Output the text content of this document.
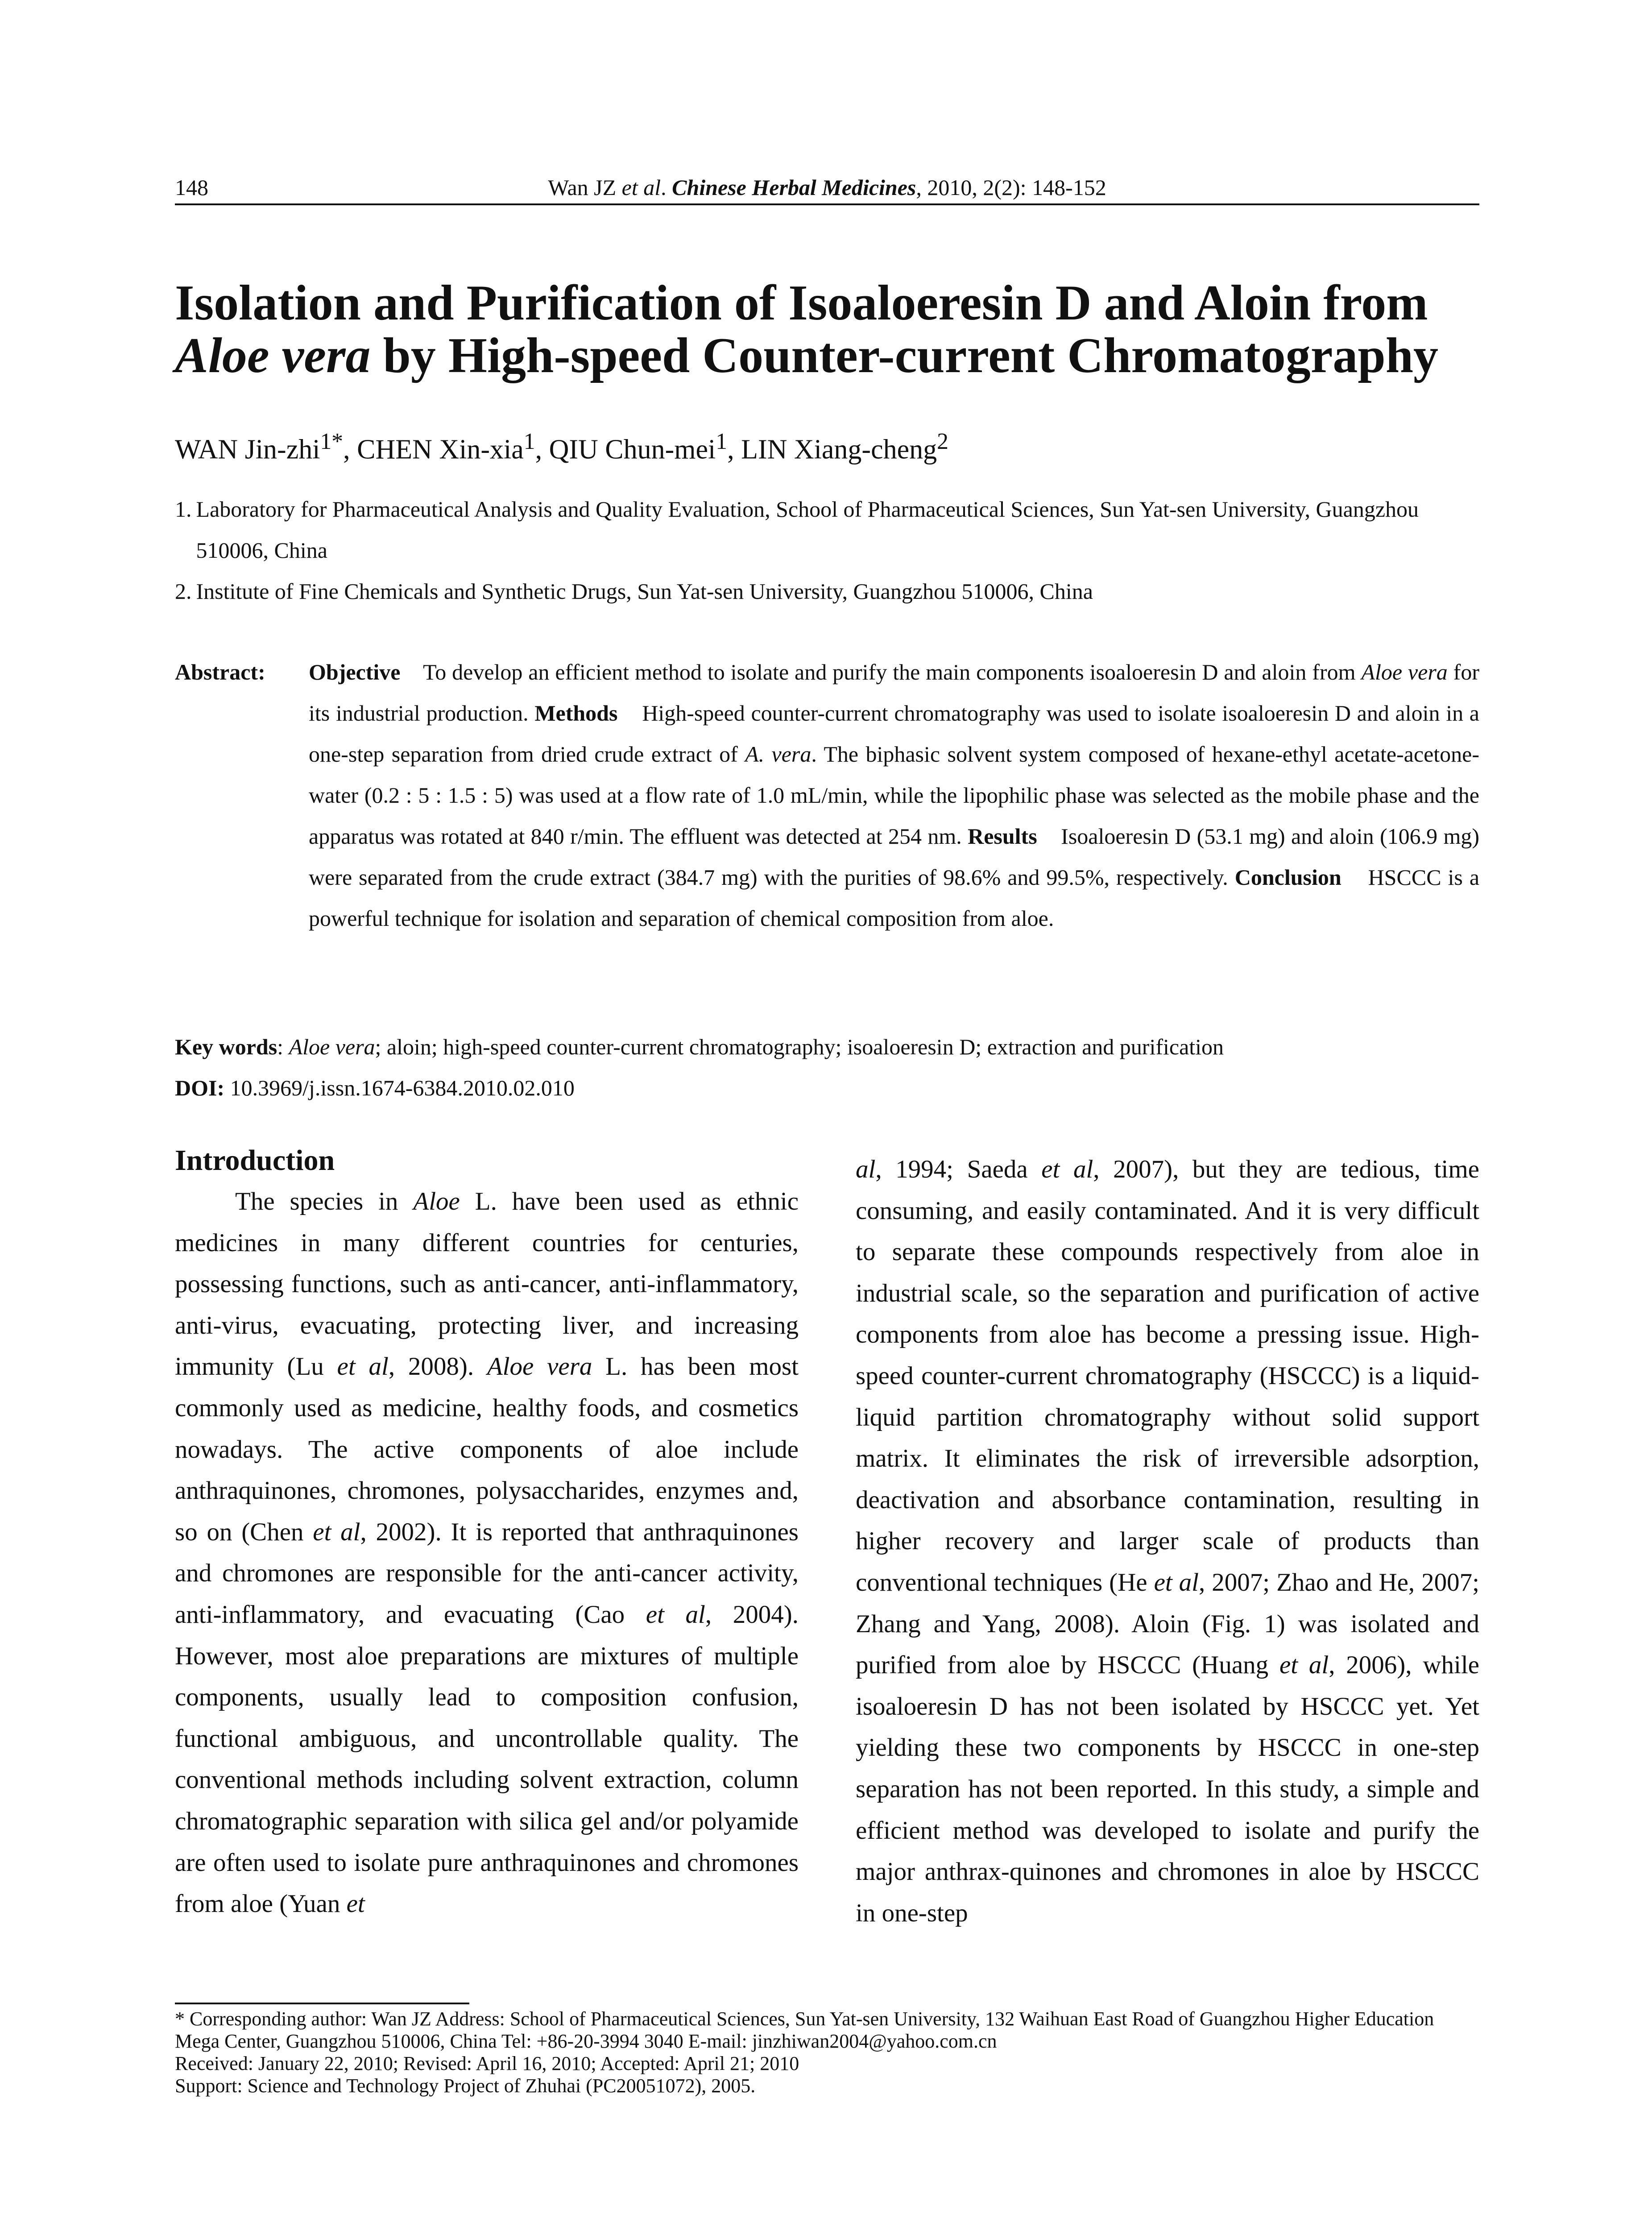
148	Wan JZ et al. Chinese Herbal Medicines, 2010, 2(2): 148-152
Isolation and Purification of Isoaloeresin D and Aloin from Aloe vera by High-speed Counter-current Chromatography
WAN Jin-zhi$^{1*}$, CHEN Xin-xia$^1$, QIU Chun-mei$^1$, LIN Xiang-cheng$^2$
1. Laboratory for Pharmaceutical Analysis and Quality Evaluation, School of Pharmaceutical Sciences, Sun Yat-sen University, Guangzhou 510006, China
2. Institute of Fine Chemicals and Synthetic Drugs, Sun Yat-sen University, Guangzhou 510006, China
Abstract: Objective To develop an efficient method to isolate and purify the main components isoaloeresin D and aloin from Aloe vera for its industrial production. Methods High-speed counter-current chromatography was used to isolate isoaloeresin D and aloin in a one-step separation from dried crude extract of A. vera. The biphasic solvent system composed of hexane-ethyl acetate-acetone-water (0.2 : 5 : 1.5 : 5) was used at a flow rate of 1.0 mL/min, while the lipophilic phase was selected as the mobile phase and the apparatus was rotated at 840 r/min. The effluent was detected at 254 nm. Results Isoaloeresin D (53.1 mg) and aloin (106.9 mg) were separated from the crude extract (384.7 mg) with the purities of 98.6% and 99.5%, respectively. Conclusion HSCCC is a powerful technique for isolation and separation of chemical composition from aloe.
Key words: Aloe vera; aloin; high-speed counter-current chromatography; isoaloeresin D; extraction and purification
DOI: 10.3969/j.issn.1674-6384.2010.02.010
Introduction

The species in Aloe L. have been used as ethnic medicines in many different countries for centuries, possessing functions, such as anti-cancer, anti-inflammatory, anti-virus, evacuating, protecting liver, and increasing immunity (Lu et al, 2008). Aloe vera L. has been most commonly used as medicine, healthy foods, and cosmetics nowadays. The active components of aloe include anthraquinones, chromones, polysaccharides, enzymes and, so on (Chen et al, 2002). It is reported that anthraquinones and chromones are responsible for the anti-cancer activity, anti-inflammatory, and evacuating (Cao et al, 2004). However, most aloe preparations are mixtures of multiple components, usually lead to composition confusion, functional ambiguous, and uncontrollable quality. The conventional methods including solvent extraction, column chromatographic separation with silica gel and/or polyamide are often used to isolate pure anthraquinones and chromones from aloe (Yuan et

al, 1994; Saeda et al, 2007), but they are tedious, time consuming, and easily contaminated. And it is very difficult to separate these compounds respectively from aloe in industrial scale, so the separation and purification of active components from aloe has become a pressing issue. High-speed counter-current chromatography (HSCCC) is a liquid-liquid partition chromatography without solid support matrix. It eliminates the risk of irreversible adsorption, deactivation and absorbance contamination, resulting in higher recovery and larger scale of products than conventional techniques (He et al, 2007; Zhao and He, 2007; Zhang and Yang, 2008). Aloin (Fig. 1) was isolated and purified from aloe by HSCCC (Huang et al, 2006), while isoaloeresin D has not been isolated by HSCCC yet. Yet yielding these two components by HSCCC in one-step separation has not been reported. In this study, a simple and efficient method was developed to isolate and purify the major anthrax-quinones and chromones in aloe by HSCCC in one-step

* Corresponding author: Wan JZ Address: School of Pharmaceutical Sciences, Sun Yat-sen University, 132 Waihuan East Road of Guangzhou Higher Education Mega Center, Guangzhou 510006, China Tel: +86-20-3994 3040 E-mail: jinzhiwan2004@yahoo.com.cn
Received: January 22, 2010; Revised: April 16, 2010; Accepted: April 21; 2010
Support: Science and Technology Project of Zhuhai (PC20051072), 2005.
